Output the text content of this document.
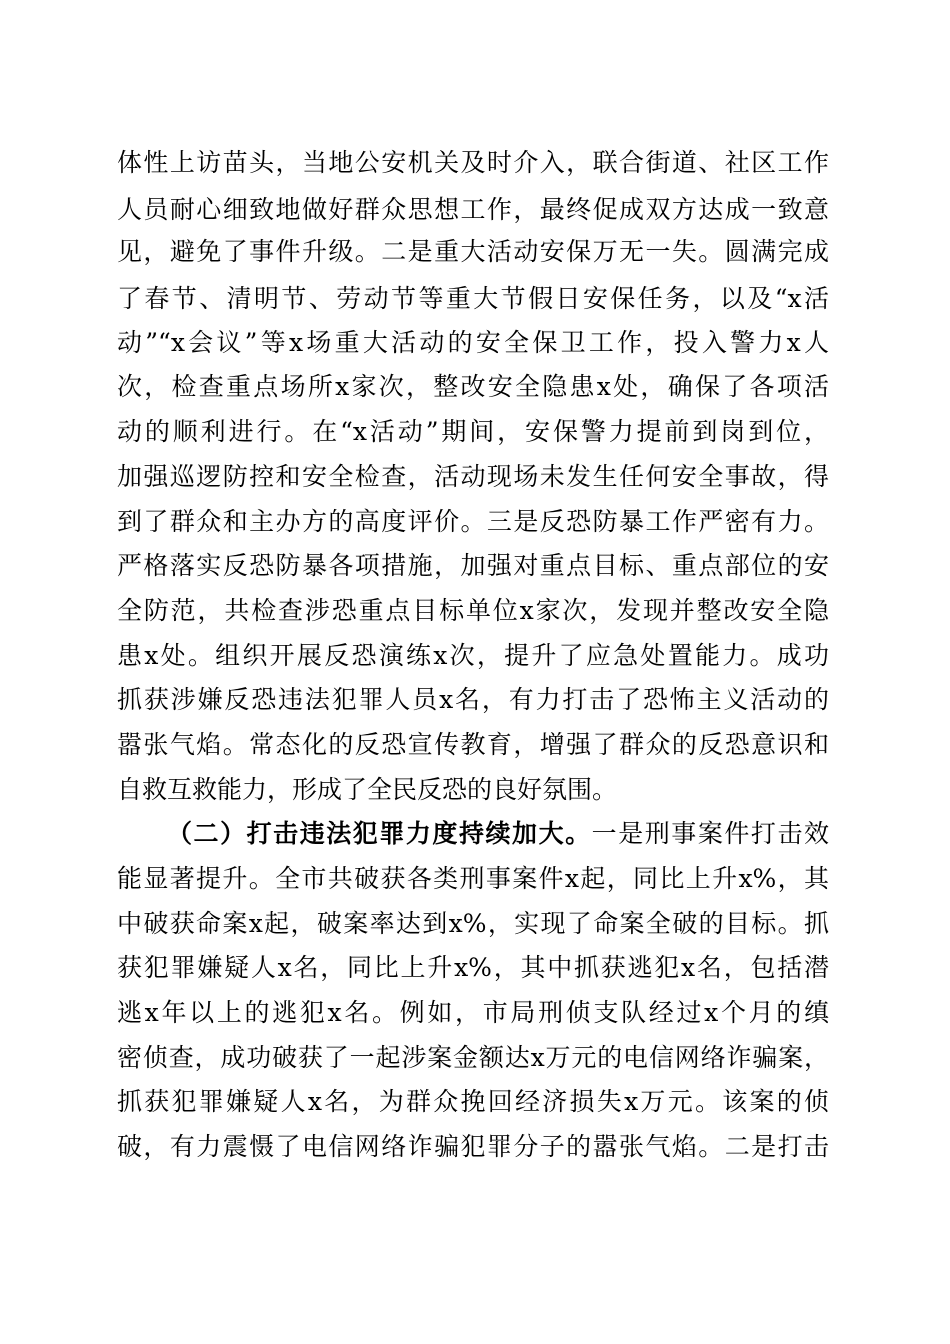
体性上访苗头，当地公安机关及时介入，联合街道、社区工作
人员耐心细致地做好群众思想工作，最终促成双方达成一致意
见，避免了事件升级。二是重大活动安保万无一失。圆满完成
了春节、清明节、劳动节等重大节假日安保任务，以及“x活
动”“x会议”等x场重大活动的安全保卫工作，投入警力x人
次，检查重点场所x家次，整改安全隐患x处，确保了各项活
动的顺利进行。在“x活动”期间，安保警力提前到岗到位，
加强巡逻防控和安全检查，活动现场未发生任何安全事故，得
到了群众和主办方的高度评价。三是反恐防暴工作严密有力。
严格落实反恐防暴各项措施，加强对重点目标、重点部位的安
全防范，共检查涉恐重点目标单位x家次，发现并整改安全隐
患x处。组织开展反恐演练x次，提升了应急处置能力。成功
抓获涉嫌反恐违法犯罪人员x名，有力打击了恐怖主义活动的
嚣张气焰。常态化的反恐宣传教育，增强了群众的反恐意识和
自救互救能力，形成了全民反恐的良好氛围。
（二）打击违法犯罪力度持续加大。一是刑事案件打击效
能显著提升。全市共破获各类刑事案件x起，同比上升x%，其
中破获命案x起，破案率达到x%，实现了命案全破的目标。抓
获犯罪嫌疑人x名，同比上升x%，其中抓获逃犯x名，包括潜
逃x年以上的逃犯x名。例如，市局刑侦支队经过x个月的缜
密侦查，成功破获了一起涉案金额达x万元的电信网络诈骗案，
抓获犯罪嫌疑人x名，为群众挽回经济损失x万元。该案的侦
破，有力震慑了电信网络诈骗犯罪分子的嚣张气焰。二是打击
